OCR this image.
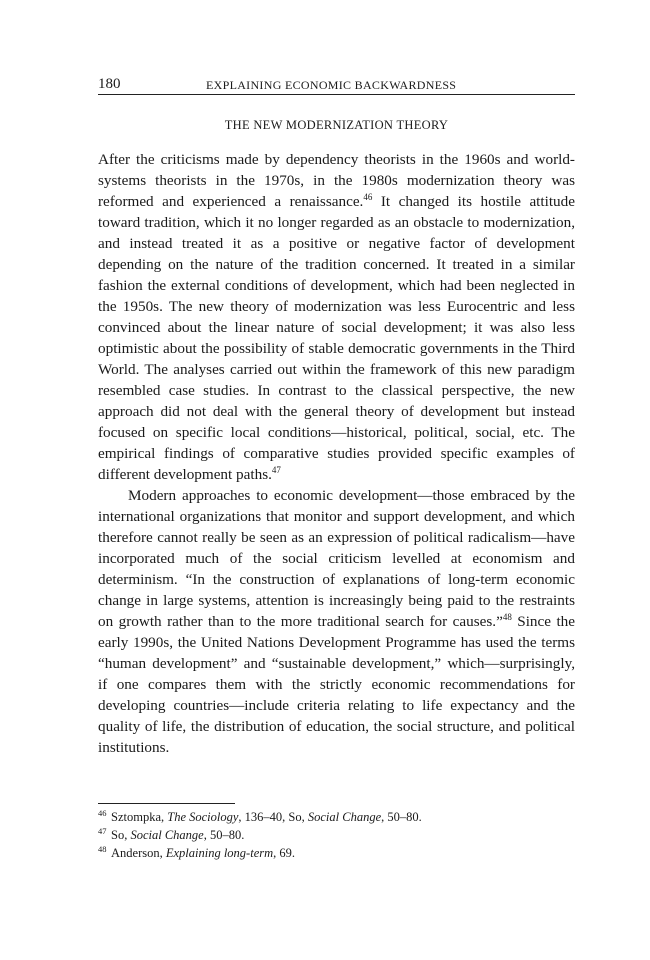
180	EXPLAINING ECONOMIC BACKWARDNESS
THE NEW MODERNIZATION THEORY

After the criticisms made by dependency theorists in the 1960s and world-systems theorists in the 1970s, in the 1980s modernization theory was reformed and experienced a renaissance.$^{46}$ It changed its hostile attitude toward tradition, which it no longer regarded as an obstacle to modernization, and instead treated it as a positive or negative factor of development depending on the nature of the tradition concerned. It treated in a similar fashion the external conditions of development, which had been neglected in the 1950s. The new theory of modernization was less Eurocentric and less convinced about the linear nature of social development; it was also less optimistic about the possibility of stable democratic governments in the Third World. The analyses carried out within the framework of this new paradigm resembled case studies. In contrast to the classical perspective, the new approach did not deal with the general theory of development but instead focused on specific local conditions—historical, political, social, etc. The empirical findings of comparative studies provided specific examples of different development paths.$^{47}$

Modern approaches to economic development—those embraced by the international organizations that monitor and support development, and which therefore cannot really be seen as an expression of political radicalism—have incorporated much of the social criticism levelled at economism and determinism. “In the construction of explanations of long-term economic change in large systems, attention is increasingly being paid to the restraints on growth rather than to the more traditional search for causes.”$^{48}$ Since the early 1990s, the United Nations Development Programme has used the terms “human development” and “sustainable development,” which—surprisingly, if one compares them with the strictly economic recommendations for developing countries—include criteria relating to life expectancy and the quality of life, the distribution of education, the social structure, and political institutions.

46 Sztompka, The Sociology, 136–40, So, Social Change, 50–80.
47 So, Social Change, 50–80.
48 Anderson, Explaining long-term, 69.
